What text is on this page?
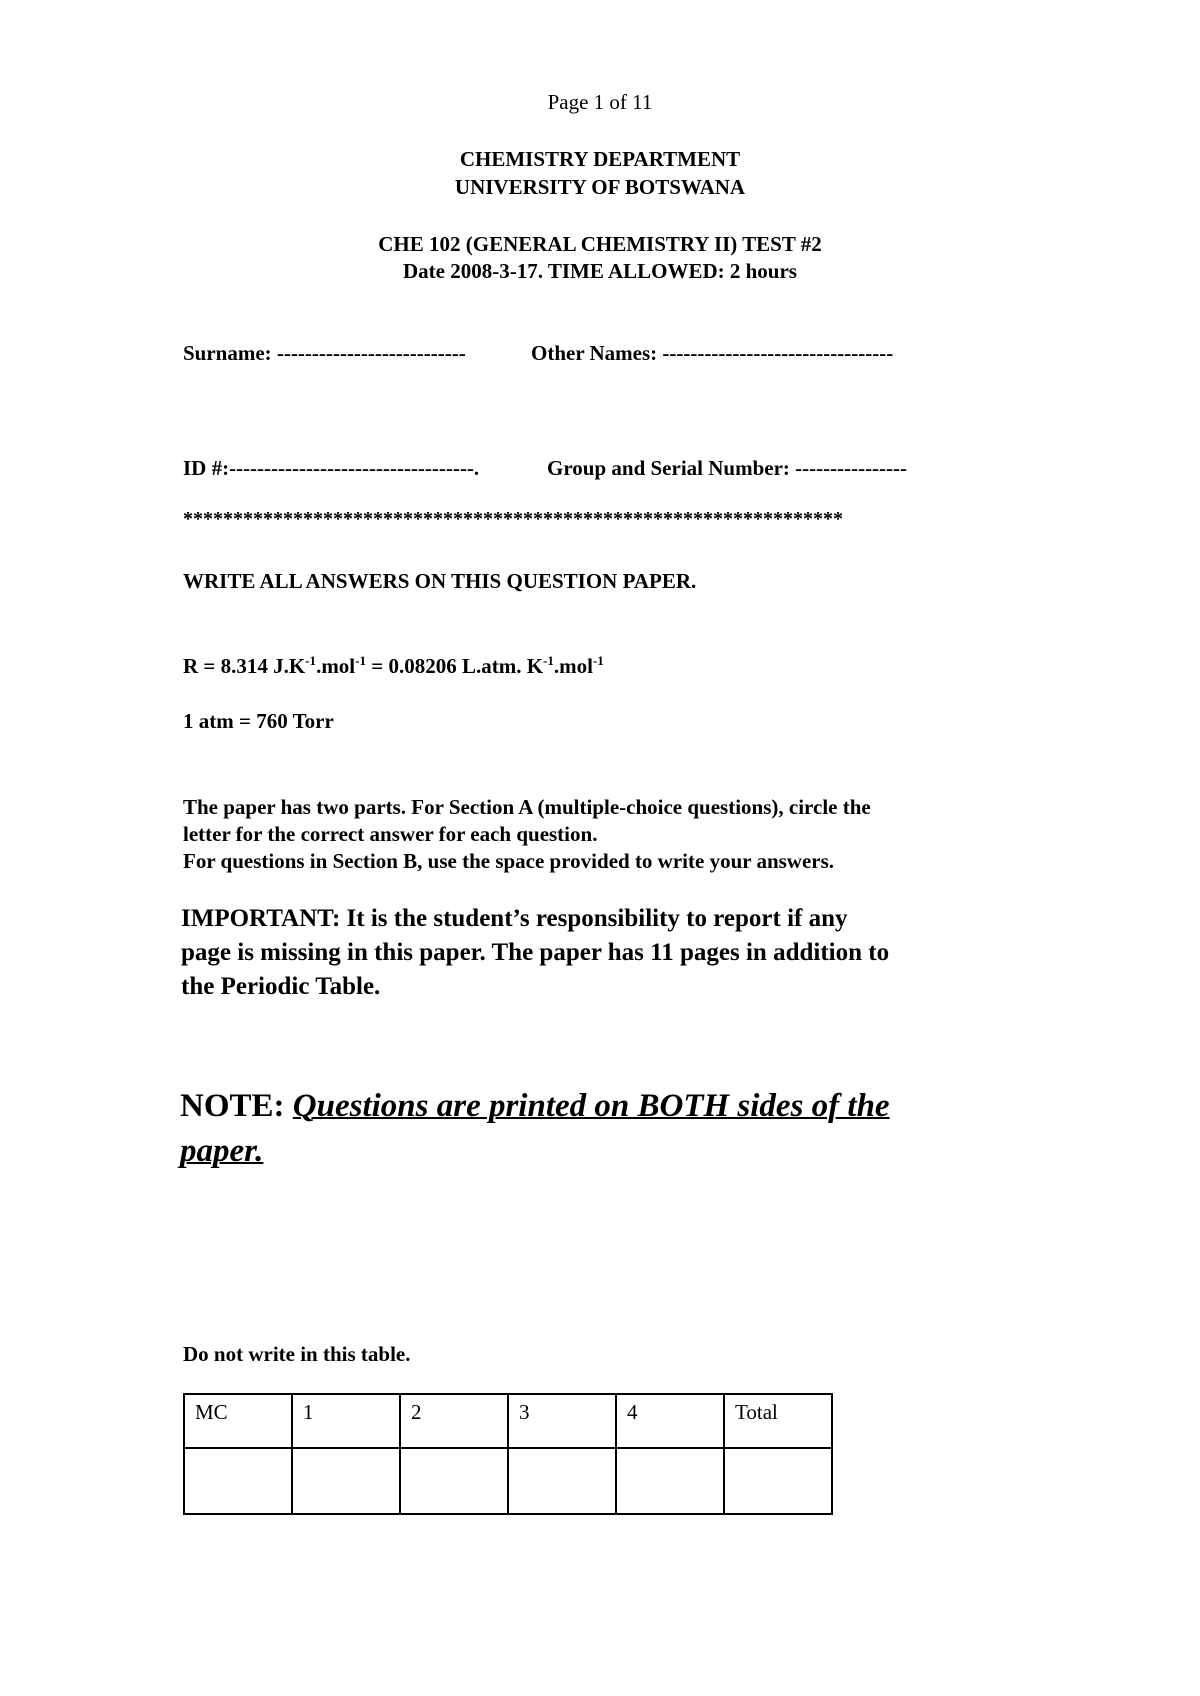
Page 1 of 11
CHEMISTRY DEPARTMENT
UNIVERSITY OF BOTSWANA
CHE 102 (GENERAL CHEMISTRY II) TEST #2
Date 2008-3-17. TIME ALLOWED: 2 hours
Surname: ---------------------------	Other Names: ---------------------------------
ID #:-----------------------------------.	Group and Serial Number: ----------------
******************************************************************
WRITE ALL ANSWERS ON THIS QUESTION PAPER.
R = 8.314 $J.K^{-1}.mol^{-1} = 0.08206$ L.atm. $K^{-1}.mol^{-1}$
1 atm = 760 Torr
The paper has two parts. For Section A (multiple-choice questions), circle the
letter for the correct answer for each question.
For questions in Section B, use the space provided to write your answers.
IMPORTANT: It is the student’s responsibility to report if any
page is missing in this paper. The paper has 11 pages in addition to
the Periodic Table.
NOTE: Questions are printed on BOTH sides of the
paper.
Do not write in this table.
MC	1	2	3	4	Total
